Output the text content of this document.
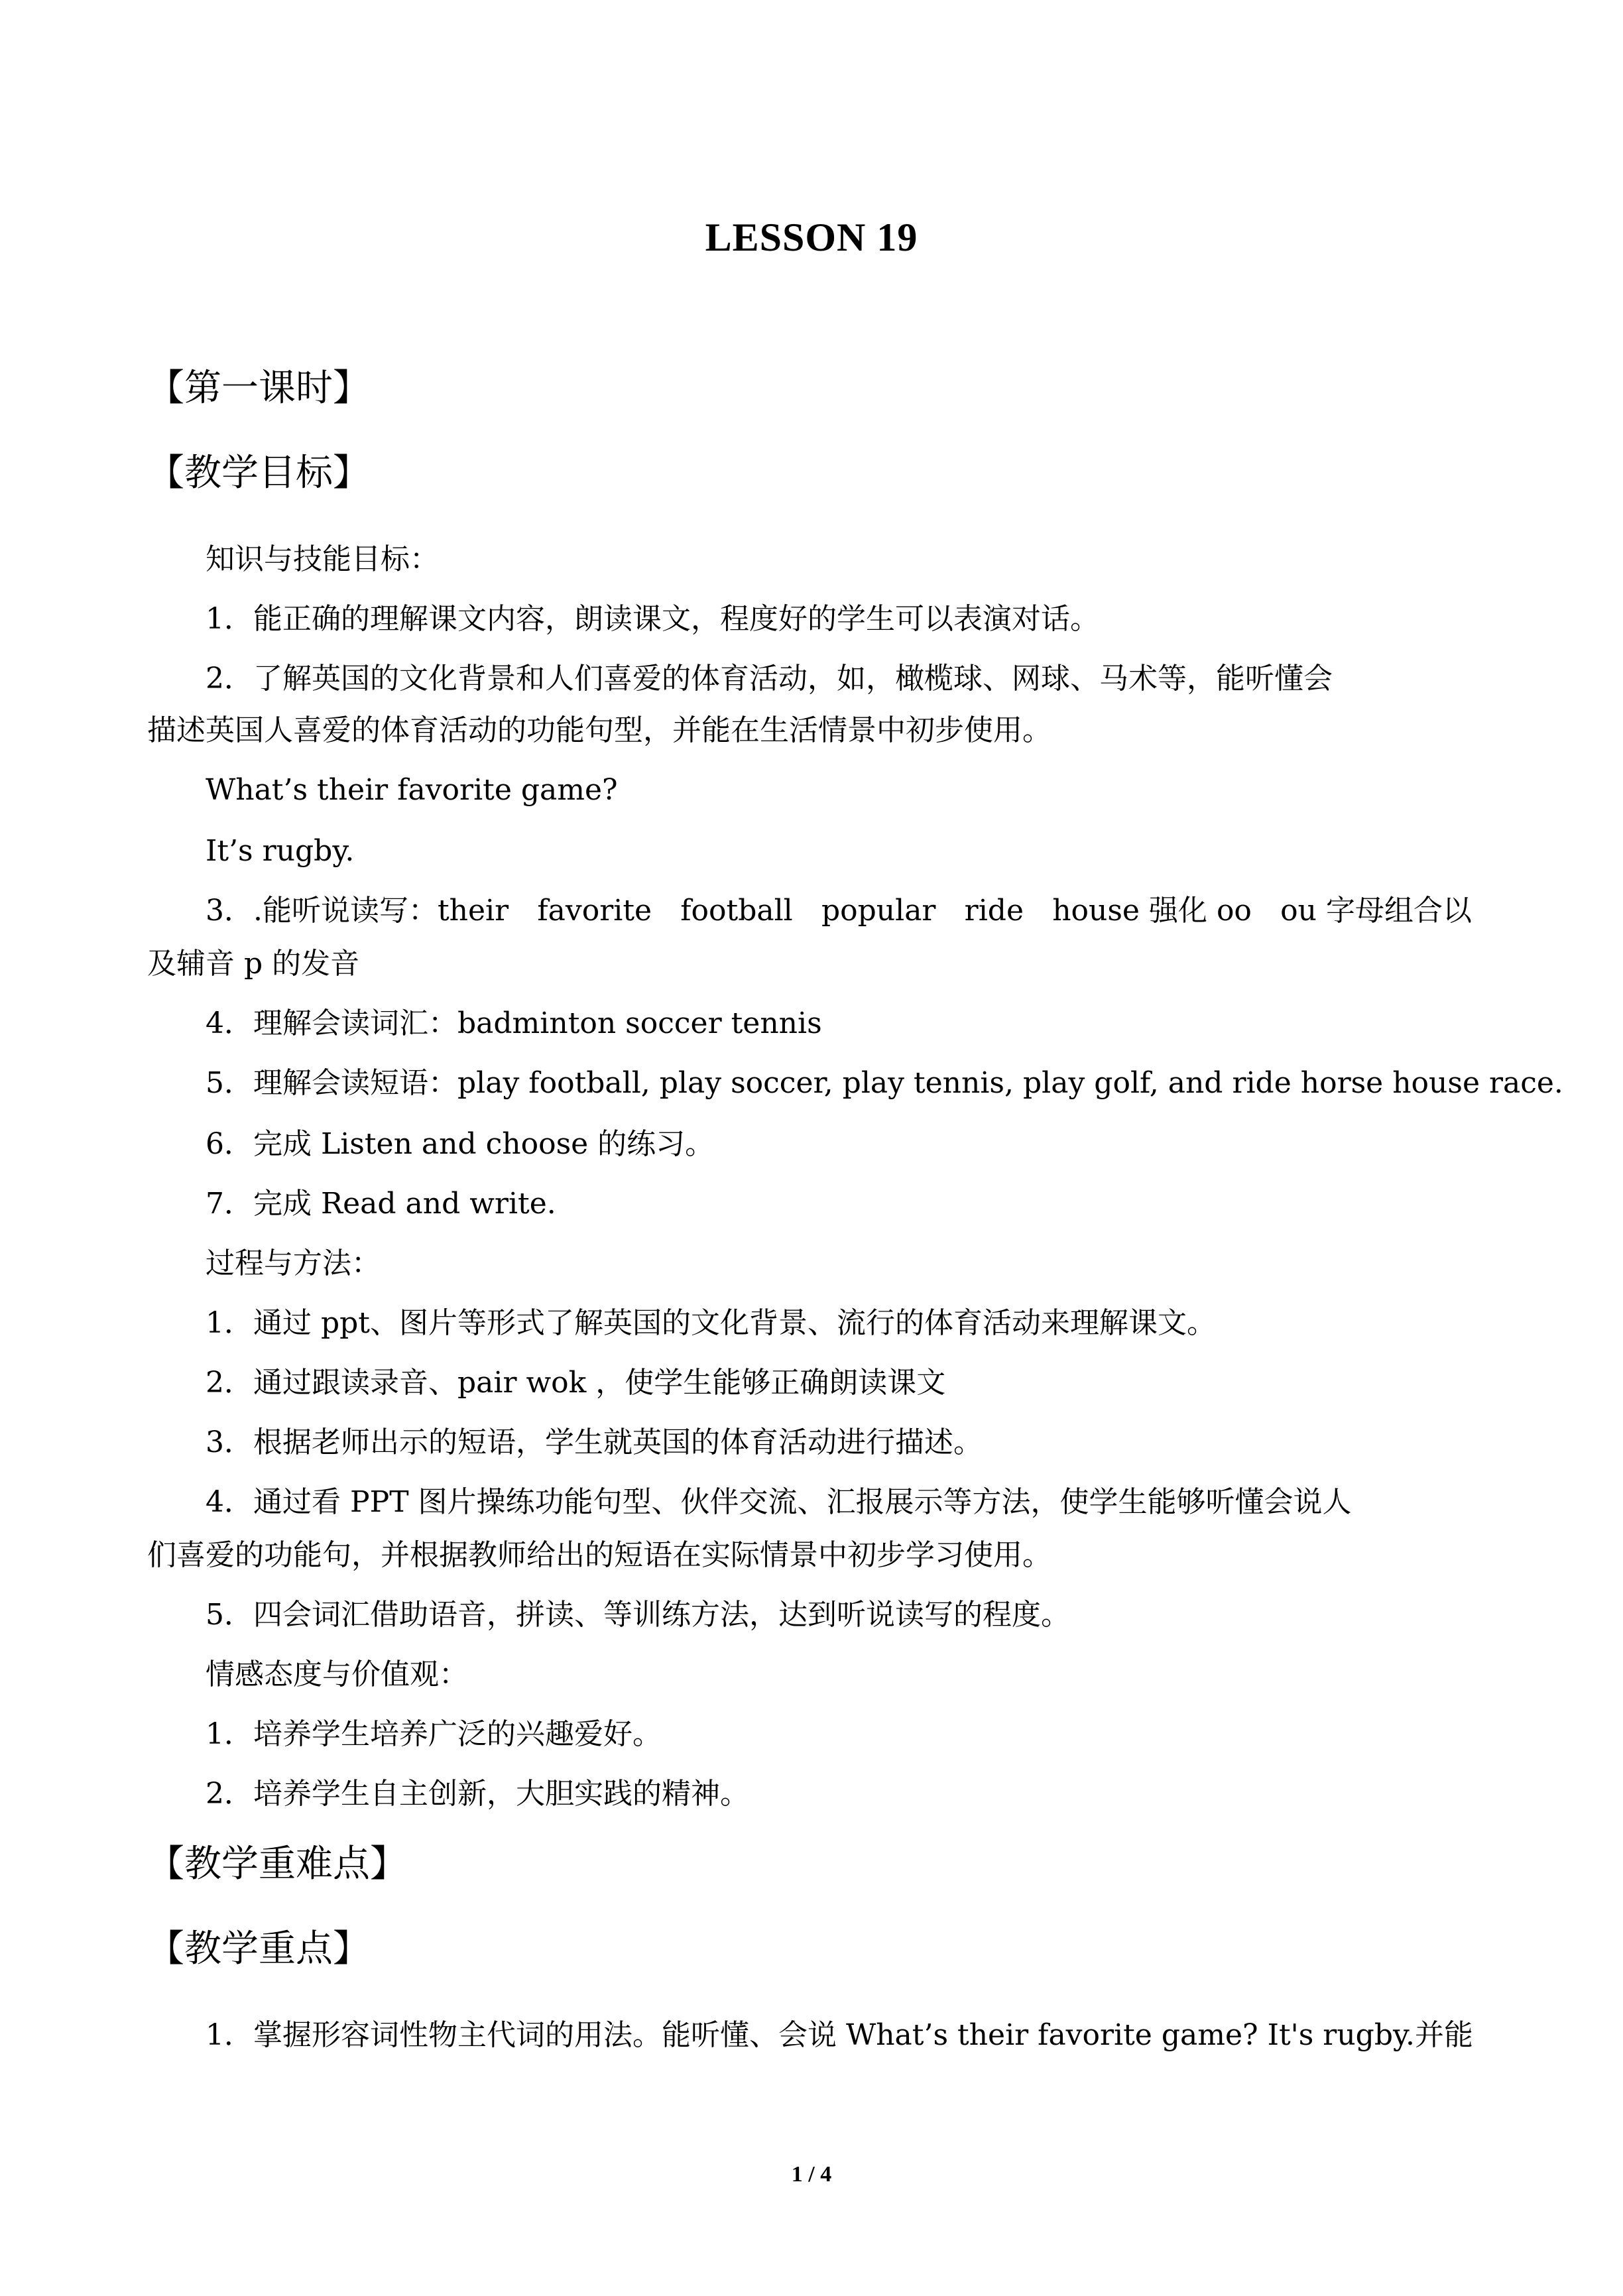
LESSON 19
【第一课时】
【教学目标】
知识与技能目标：
1．能正确的理解课文内容，朗读课文，程度好的学生可以表演对话。
2．了解英国的文化背景和人们喜爱的体育活动，如，橄榄球、网球、马术等，能听懂会
描述英国人喜爱的体育活动的功能句型，并能在生活情景中初步使用。
What’s their favorite game?
It’s rugby.
3．.能听说读写：their favorite football popular ride house 强化 oo ou 字母组合以
及辅音 p 的发音
4．理解会读词汇：badminton soccer tennis
5．理解会读短语：play football, play soccer, play tennis, play golf, and ride horse house race.
6．完成 Listen and choose 的练习。
7．完成 Read and write.
过程与方法：
1．通过 ppt、图片等形式了解英国的文化背景、流行的体育活动来理解课文。
2．通过跟读录音、pair wok ，使学生能够正确朗读课文
3．根据老师出示的短语，学生就英国的体育活动进行描述。
4．通过看 PPT 图片操练功能句型、伙伴交流、汇报展示等方法，使学生能够听懂会说人
们喜爱的功能句，并根据教师给出的短语在实际情景中初步学习使用。
5．四会词汇借助语音，拼读、等训练方法，达到听说读写的程度。
情感态度与价值观：
1．培养学生培养广泛的兴趣爱好。
2．培养学生自主创新，大胆实践的精神。
【教学重难点】
【教学重点】
1．掌握形容词性物主代词的用法。能听懂、会说 What’s their favorite game? It's rugby.并能
1 / 4
